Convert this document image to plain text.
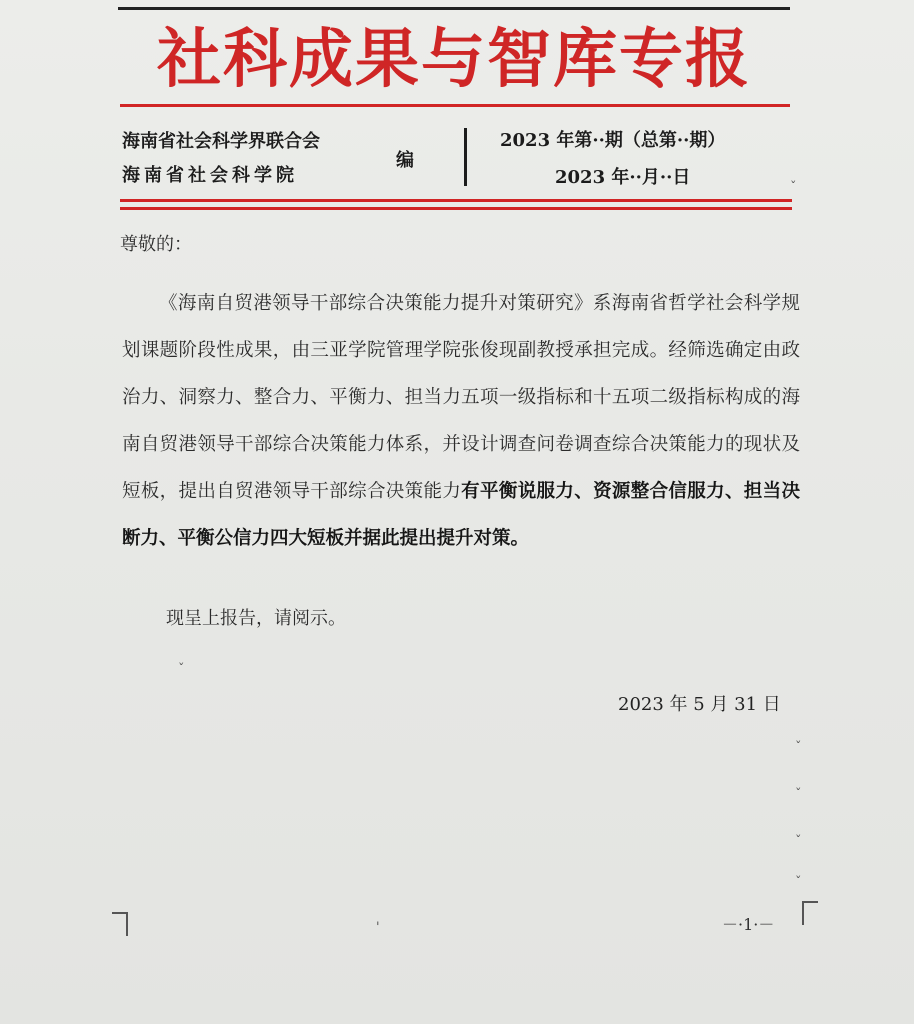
社科成果与智库专报
海南省社会科学界联合会
海南省社会科学院
编
2023 年第··期（总第··期）
2023 年··月··日
尊敬的：
《海南自贸港领导干部综合决策能力提升对策研究》系海南省哲学社会科学规划课题阶段性成果，由三亚学院管理学院张俊现副教授承担完成。经筛选确定由政治力、洞察力、整合力、平衡力、担当力五项一级指标和十五项二级指标构成的海南自贸港领导干部综合决策能力体系，并设计调查问卷调查综合决策能力的现状及短板，提出自贸港领导干部综合决策能力有平衡说服力、资源整合信服力、担当决断力、平衡公信力四大短板并据此提出提升对策。
现呈上报告，请阅示。
2023 年 5 月 31 日
－·1·－
ˇ
ˇ
ˇ
ˇ
ˇ
ˇ
'
